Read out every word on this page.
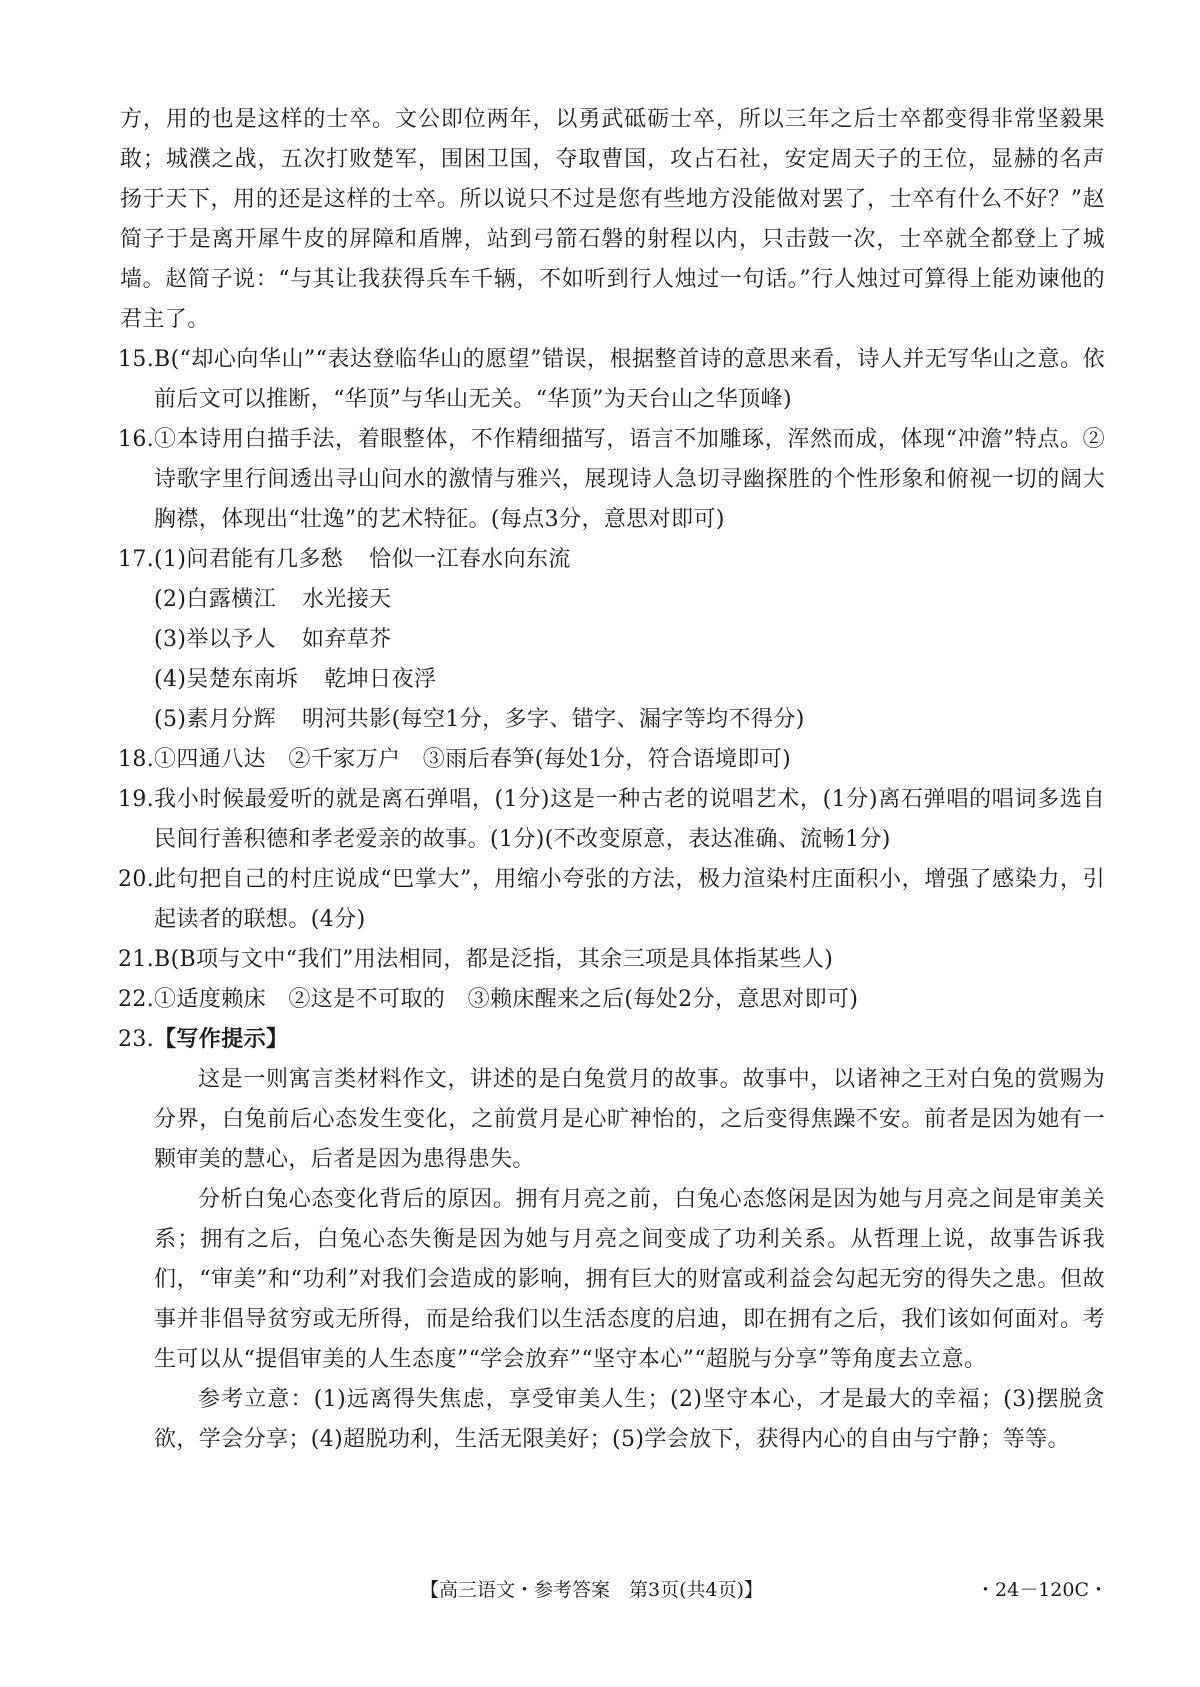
方，用的也是这样的士卒。文公即位两年，以勇武砥砺士卒，所以三年之后士卒都变得非常坚毅果敢；城濮之战，五次打败楚军，围困卫国，夺取曹国，攻占石社，安定周天子的王位，显赫的名声扬于天下，用的还是这样的士卒。所以说只不过是您有些地方没能做对罢了，士卒有什么不好？”赵简子于是离开犀牛皮的屏障和盾牌，站到弓箭石磐的射程以内，只击鼓一次，士卒就全都登上了城墙。赵简子说：“与其让我获得兵车千辆，不如听到行人烛过一句话。”行人烛过可算得上能劝谏他的君主了。

15. B(“却心向华山”“表达登临华山的愿望”错误，根据整首诗的意思来看，诗人并无写华山之意。依前后文可以推断，“华顶”与华山无关。“华顶”为天台山之华顶峰)
16. ①本诗用白描手法，着眼整体，不作精细描写，语言不加雕琢，浑然而成，体现“冲澹”特点。②诗歌字里行间透出寻山问水的激情与雅兴，展现诗人急切寻幽探胜的个性形象和俯视一切的阔大胸襟，体现出“壮逸”的艺术特征。(每点3分，意思对即可)
17. (1)问君能有几多愁 恰似一江春水向东流
(2)白露横江 水光接天
(3)举以予人 如弃草芥
(4)吴楚东南坼 乾坤日夜浮
(5)素月分辉 明河共影(每空1分，多字、错字、漏字等均不得分)
18. ①四通八达　②千家万户　③雨后春笋(每处1分，符合语境即可)
19. 我小时候最爱听的就是离石弹唱，(1分)这是一种古老的说唱艺术，(1分)离石弹唱的唱词多选自民间行善积德和孝老爱亲的故事。(1分)(不改变原意，表达准确、流畅1分)
20. 此句把自己的村庄说成“巴掌大”，用缩小夸张的方法，极力渲染村庄面积小，增强了感染力，引起读者的联想。(4分)
21. B(B项与文中“我们”用法相同，都是泛指，其余三项是具体指某些人)
22. ①适度赖床　②这是不可取的　③赖床醒来之后(每处2分，意思对即可)
23. 【写作提示】

这是一则寓言类材料作文，讲述的是白兔赏月的故事。故事中，以诸神之王对白兔的赏赐为分界，白兔前后心态发生变化，之前赏月是心旷神怡的，之后变得焦躁不安。前者是因为她有一颗审美的慧心，后者是因为患得患失。

分析白兔心态变化背后的原因。拥有月亮之前，白兔心态悠闲是因为她与月亮之间是审美关系；拥有之后，白兔心态失衡是因为她与月亮之间变成了功利关系。从哲理上说，故事告诉我们，“审美”和“功利”对我们会造成的影响，拥有巨大的财富或利益会勾起无穷的得失之患。但故事并非倡导贫穷或无所得，而是给我们以生活态度的启迪，即在拥有之后，我们该如何面对。考生可以从“提倡审美的人生态度”“学会放弃”“坚守本心”“超脱与分享”等角度去立意。

参考立意：(1)远离得失焦虑，享受审美人生；(2)坚守本心，才是最大的幸福；(3)摆脱贪欲，学会分享；(4)超脱功利，生活无限美好；(5)学会放下，获得内心的自由与宁静；等等。

【高三语文・参考答案　第3页(共4页)】	・24－120C・
